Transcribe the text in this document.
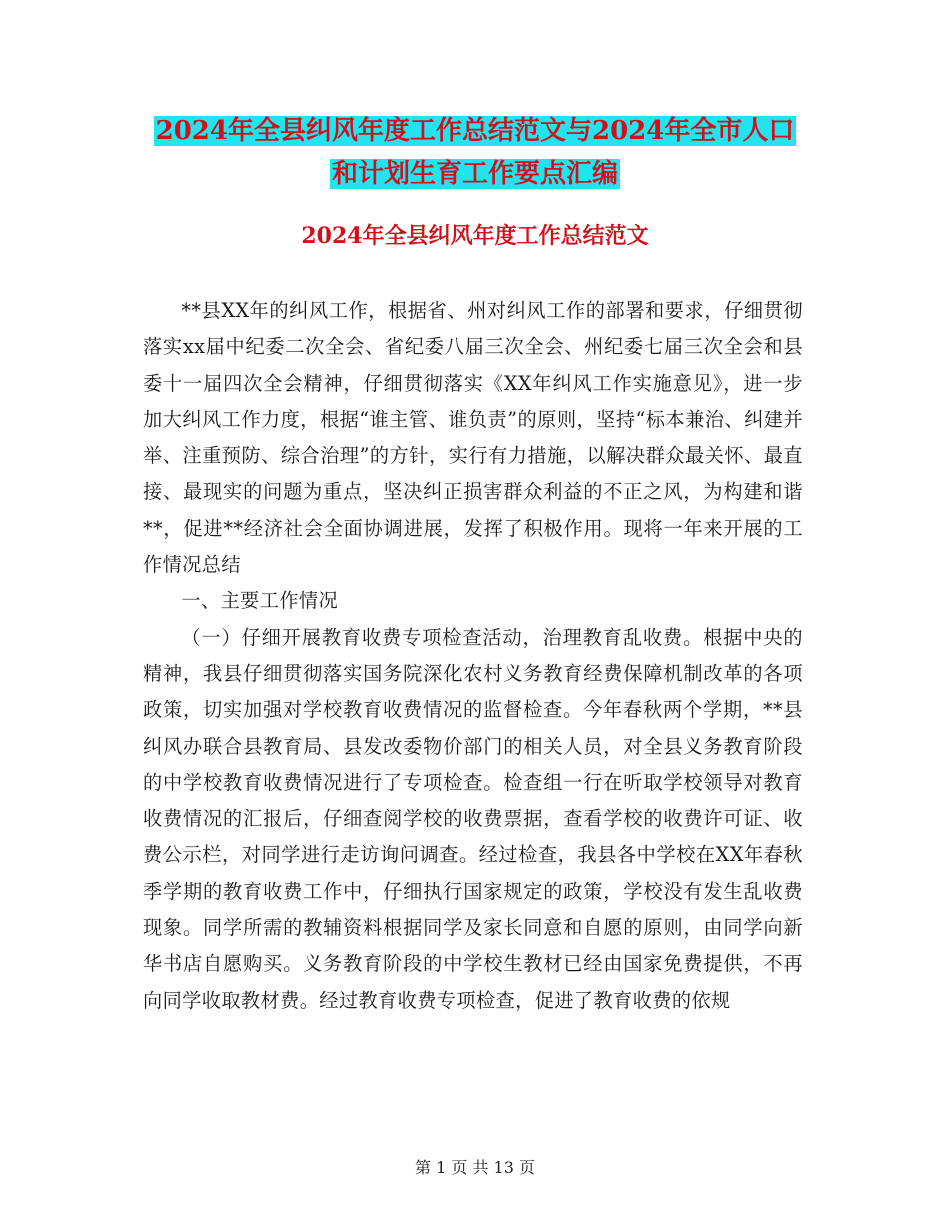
2024年全县纠风年度工作总结范文与2024年全市人口
和计划生育工作要点汇编
2024年全县纠风年度工作总结范文

**县XX年的纠风工作，根据省、州对纠风工作的部署和要求，仔细贯彻落实xx届中纪委二次全会、省纪委八届三次全会、州纪委七届三次全会和县委十一届四次全会精神，仔细贯彻落实《XX年纠风工作实施意见》，进一步加大纠风工作力度，根据“谁主管、谁负责”的原则，坚持“标本兼治、纠建并举、注重预防、综合治理”的方针，实行有力措施，以解决群众最关怀、最直接、最现实的问题为重点，坚决纠正损害群众利益的不正之风，为构建和谐**，促进**经济社会全面协调进展，发挥了积极作用。现将一年来开展的工作情况总结

一、主要工作情况

（一）仔细开展教育收费专项检查活动，治理教育乱收费。根据中央的精神，我县仔细贯彻落实国务院深化农村义务教育经费保障机制改革的各项政策，切实加强对学校教育收费情况的监督检查。今年春秋两个学期，**县纠风办联合县教育局、县发改委物价部门的相关人员，对全县义务教育阶段的中学校教育收费情况进行了专项检查。检查组一行在听取学校领导对教育收费情况的汇报后，仔细查阅学校的收费票据，查看学校的收费许可证、收费公示栏，对同学进行走访询问调查。经过检查，我县各中学校在XX年春秋季学期的教育收费工作中，仔细执行国家规定的政策，学校没有发生乱收费现象。同学所需的教辅资料根据同学及家长同意和自愿的原则，由同学向新华书店自愿购买。义务教育阶段的中学校生教材已经由国家免费提供，不再向同学收取教材费。经过教育收费专项检查，促进了教育收费的依规

第 1 页 共 13 页
